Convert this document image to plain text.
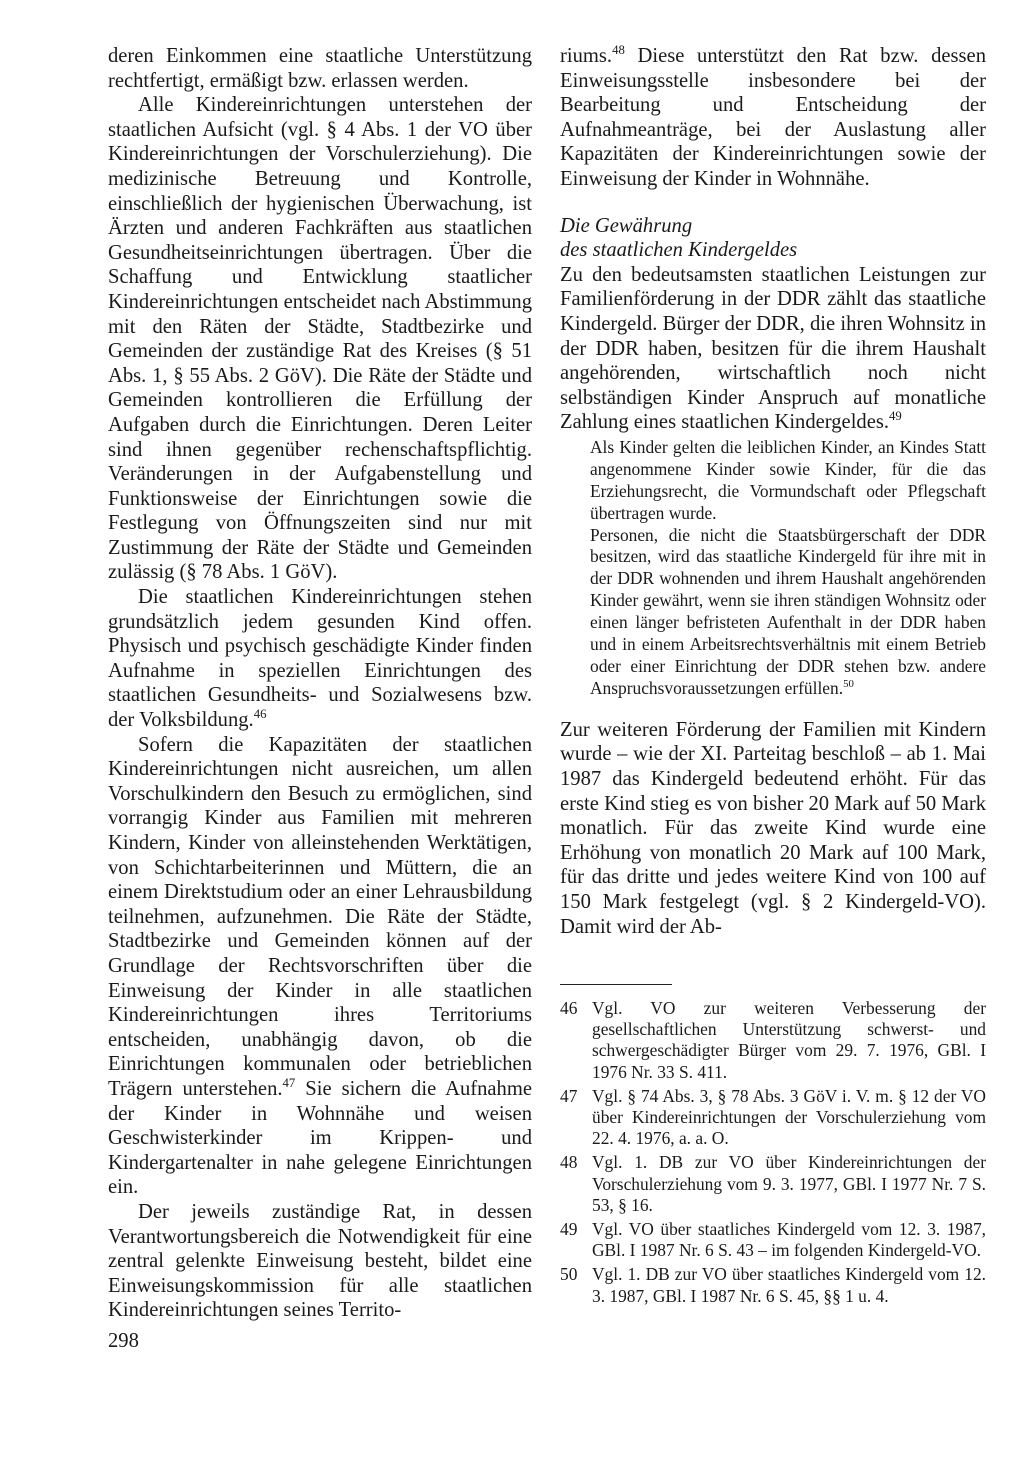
deren Einkommen eine staatliche Unterstützung rechtfertigt, ermäßigt bzw. erlassen werden.

Alle Kindereinrichtungen unterstehen der staatlichen Aufsicht (vgl. § 4 Abs. 1 der VO über Kindereinrichtungen der Vorschulerziehung). Die medizinische Betreuung und Kontrolle, einschließlich der hygienischen Überwachung, ist Ärzten und anderen Fachkräften aus staatlichen Gesundheitseinrichtungen übertragen. Über die Schaffung und Entwicklung staatlicher Kindereinrichtungen entscheidet nach Abstimmung mit den Räten der Städte, Stadtbezirke und Gemeinden der zuständige Rat des Kreises (§ 51 Abs. 1, § 55 Abs. 2 GöV). Die Räte der Städte und Gemeinden kontrollieren die Erfüllung der Aufgaben durch die Einrichtungen. Deren Leiter sind ihnen gegenüber rechenschaftspflichtig. Veränderungen in der Aufgabenstellung und Funktionsweise der Einrichtungen sowie die Festlegung von Öffnungszeiten sind nur mit Zustimmung der Räte der Städte und Gemeinden zulässig (§ 78 Abs. 1 GöV).

Die staatlichen Kindereinrichtungen stehen grundsätzlich jedem gesunden Kind offen. Physisch und psychisch geschädigte Kinder finden Aufnahme in speziellen Einrichtungen des staatlichen Gesundheits- und Sozialwesens bzw. der Volksbildung.$^{46}$

Sofern die Kapazitäten der staatlichen Kindereinrichtungen nicht ausreichen, um allen Vorschulkindern den Besuch zu ermöglichen, sind vorrangig Kinder aus Familien mit mehreren Kindern, Kinder von alleinstehenden Werktätigen, von Schichtarbeiterinnen und Müttern, die an einem Direktstudium oder an einer Lehrausbildung teilnehmen, aufzunehmen. Die Räte der Städte, Stadtbezirke und Gemeinden können auf der Grundlage der Rechtsvorschriften über die Einweisung der Kinder in alle staatlichen Kindereinrichtungen ihres Territoriums entscheiden, unabhängig davon, ob die Einrichtungen kommunalen oder betrieblichen Trägern unterstehen.$^{47}$ Sie sichern die Aufnahme der Kinder in Wohnnähe und weisen Geschwisterkinder im Krippen- und Kindergartenalter in nahe gelegene Einrichtungen ein.

Der jeweils zuständige Rat, in dessen Verantwortungsbereich die Notwendigkeit für eine zentral gelenkte Einweisung besteht, bildet eine Einweisungskommission für alle staatlichen Kindereinrichtungen seines Territo-

riums.$^{48}$ Diese unterstützt den Rat bzw. dessen Einweisungsstelle insbesondere bei der Bearbeitung und Entscheidung der Aufnahmeanträge, bei der Auslastung aller Kapazitäten der Kindereinrichtungen sowie der Einweisung der Kinder in Wohnnähe.

Die Gewährung
des staatlichen Kindergeldes

Zu den bedeutsamsten staatlichen Leistungen zur Familienförderung in der DDR zählt das staatliche Kindergeld. Bürger der DDR, die ihren Wohnsitz in der DDR haben, besitzen für die ihrem Haushalt angehörenden, wirtschaftlich noch nicht selbständigen Kinder Anspruch auf monatliche Zahlung eines staatlichen Kindergeldes.$^{49}$

Als Kinder gelten die leiblichen Kinder, an Kindes Statt angenommene Kinder sowie Kinder, für die das Erziehungsrecht, die Vormundschaft oder Pflegschaft übertragen wurde.

Personen, die nicht die Staatsbürgerschaft der DDR besitzen, wird das staatliche Kindergeld für ihre mit in der DDR wohnenden und ihrem Haushalt angehörenden Kinder gewährt, wenn sie ihren ständigen Wohnsitz oder einen länger befristeten Aufenthalt in der DDR haben und in einem Arbeitsrechtsverhältnis mit einem Betrieb oder einer Einrichtung der DDR stehen bzw. andere Anspruchsvoraussetzungen erfüllen.$^{50}$

Zur weiteren Förderung der Familien mit Kindern wurde – wie der XI. Parteitag beschloß – ab 1. Mai 1987 das Kindergeld bedeutend erhöht. Für das erste Kind stieg es von bisher 20 Mark auf 50 Mark monatlich. Für das zweite Kind wurde eine Erhöhung von monatlich 20 Mark auf 100 Mark, für das dritte und jedes weitere Kind von 100 auf 150 Mark festgelegt (vgl. § 2 Kindergeld-VO). Damit wird der Ab-

46 Vgl. VO zur weiteren Verbesserung der gesellschaftlichen Unterstützung schwerst- und schwergeschädigter Bürger vom 29. 7. 1976, GBl. I 1976 Nr. 33 S. 411.
47 Vgl. § 74 Abs. 3, § 78 Abs. 3 GöV i. V. m. § 12 der VO über Kindereinrichtungen der Vorschulerziehung vom 22. 4. 1976, a. a. O.
48 Vgl. 1. DB zur VO über Kindereinrichtungen der Vorschulerziehung vom 9. 3. 1977, GBl. I 1977 Nr. 7 S. 53, § 16.
49 Vgl. VO über staatliches Kindergeld vom 12. 3. 1987, GBl. I 1987 Nr. 6 S. 43 – im folgenden Kindergeld-VO.
50 Vgl. 1. DB zur VO über staatliches Kindergeld vom 12. 3. 1987, GBl. I 1987 Nr. 6 S. 45, §§ 1 u. 4.
298
